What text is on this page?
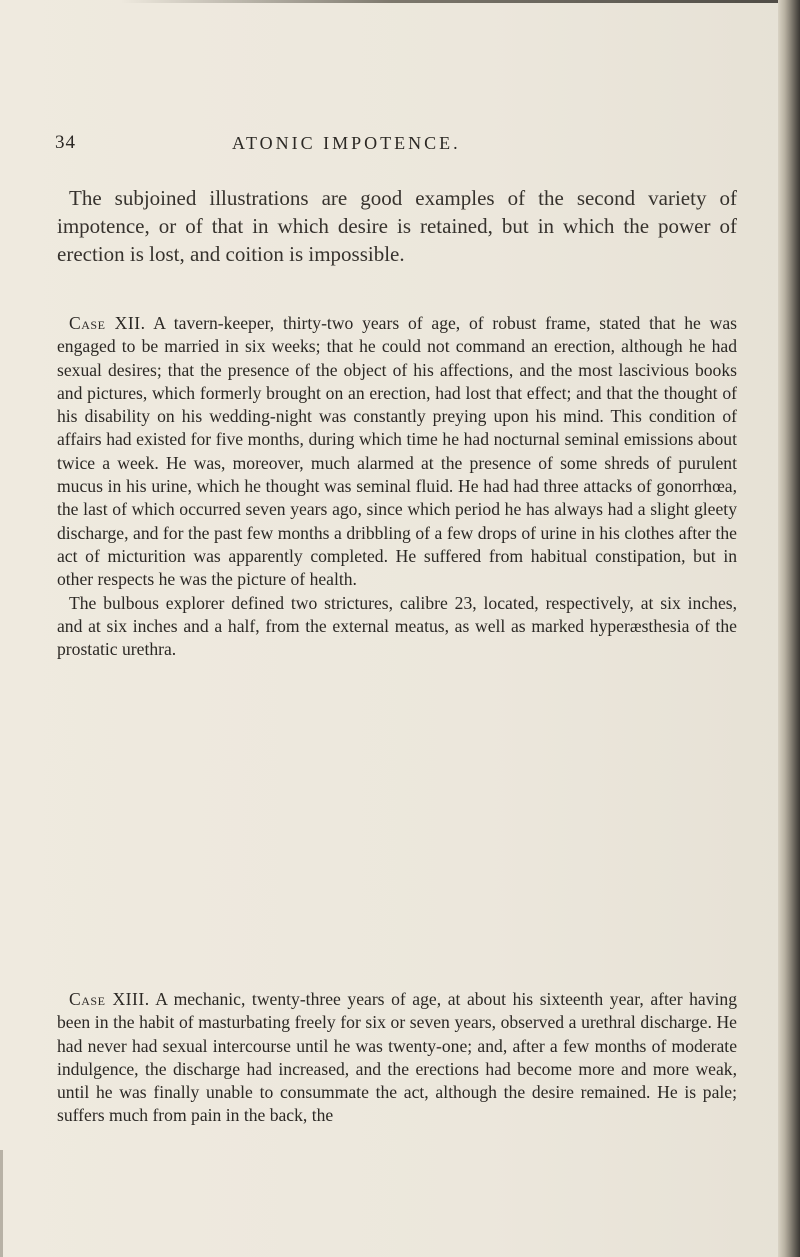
34	ATONIC IMPOTENCE.
The subjoined illustrations are good examples of the second variety of impotence, or of that in which desire is retained, but in which the power of erection is lost, and coition is impossible.

Case XII. A tavern-keeper, thirty-two years of age, of robust frame, stated that he was engaged to be married in six weeks; that he could not command an erection, although he had sexual desires; that the presence of the object of his affections, and the most lascivious books and pictures, which formerly brought on an erection, had lost that effect; and that the thought of his disability on his wedding-night was constantly preying upon his mind. This condition of affairs had existed for five months, during which time he had nocturnal seminal emissions about twice a week. He was, moreover, much alarmed at the presence of some shreds of purulent mucus in his urine, which he thought was seminal fluid. He had had three attacks of gonorrhœa, the last of which occurred seven years ago, since which period he has always had a slight gleety discharge, and for the past few months a dribbling of a few drops of urine in his clothes after the act of micturition was apparently completed. He suffered from habitual constipation, but in other respects he was the picture of health.

The bulbous explorer defined two strictures, calibre 23, located, respectively, at six inches, and at six inches and a half, from the external meatus, as well as marked hyperæsthesia of the prostatic urethra.

Case XIII. A mechanic, twenty-three years of age, at about his sixteenth year, after having been in the habit of masturbating freely for six or seven years, observed a urethral discharge. He had never had sexual intercourse until he was twenty-one; and, after a few months of moderate indulgence, the discharge had increased, and the erections had become more and more weak, until he was finally unable to consummate the act, although the desire remained. He is pale; suffers much from pain in the back, the
